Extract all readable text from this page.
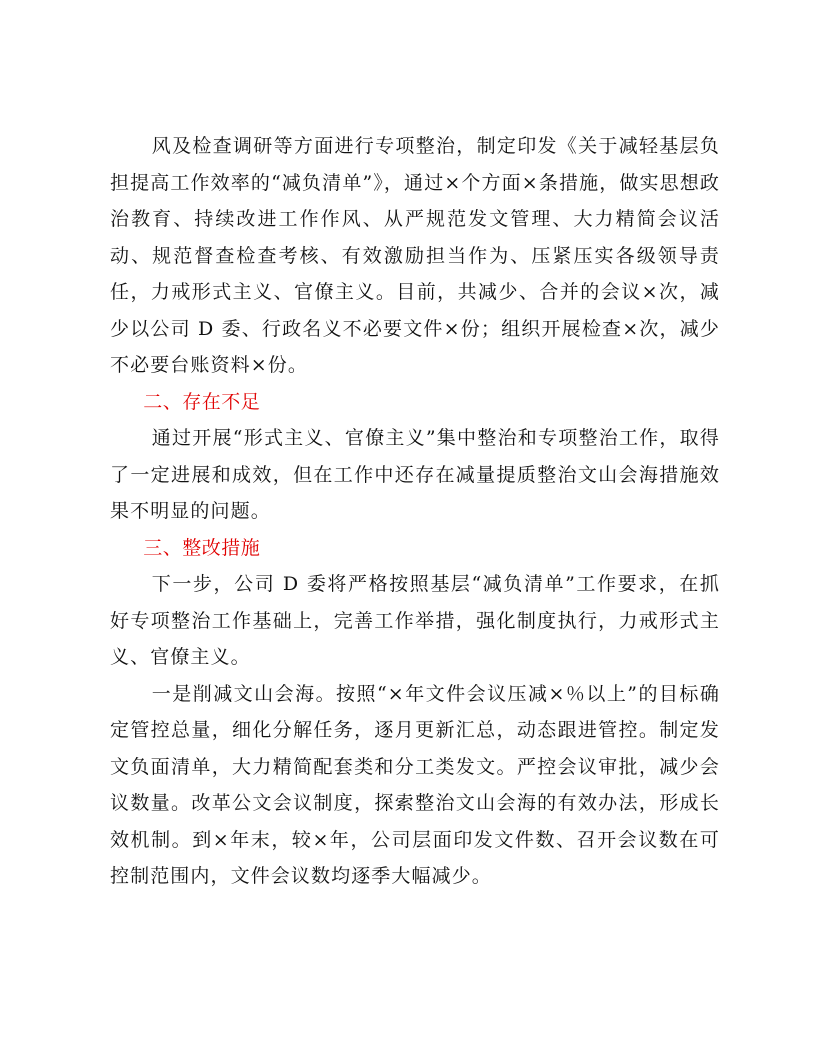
风及检查调研等方面进行专项整治，制定印发《关于减轻基层负担提高工作效率的“减负清单”》，通过×个方面×条措施，做实思想政治教育、持续改进工作作风、从严规范发文管理、大力精简会议活动、规范督查检查考核、有效激励担当作为、压紧压实各级领导责任，力戒形式主义、官僚主义。目前，共减少、合并的会议×次，减少以公司 D 委、行政名义不必要文件×份；组织开展检查×次，减少不必要台账资料×份。

二、存在不足

通过开展“形式主义、官僚主义”集中整治和专项整治工作，取得了一定进展和成效，但在工作中还存在减量提质整治文山会海措施效果不明显的问题。

三、整改措施

下一步，公司 D 委将严格按照基层“减负清单”工作要求，在抓好专项整治工作基础上，完善工作举措，强化制度执行，力戒形式主义、官僚主义。

一是削减文山会海。按照“×年文件会议压减×％以上”的目标确定管控总量，细化分解任务，逐月更新汇总，动态跟进管控。制定发文负面清单，大力精简配套类和分工类发文。严控会议审批，减少会议数量。改革公文会议制度，探索整治文山会海的有效办法，形成长效机制。到×年末，较×年，公司层面印发文件数、召开会议数在可控制范围内，文件会议数均逐季大幅减少。
